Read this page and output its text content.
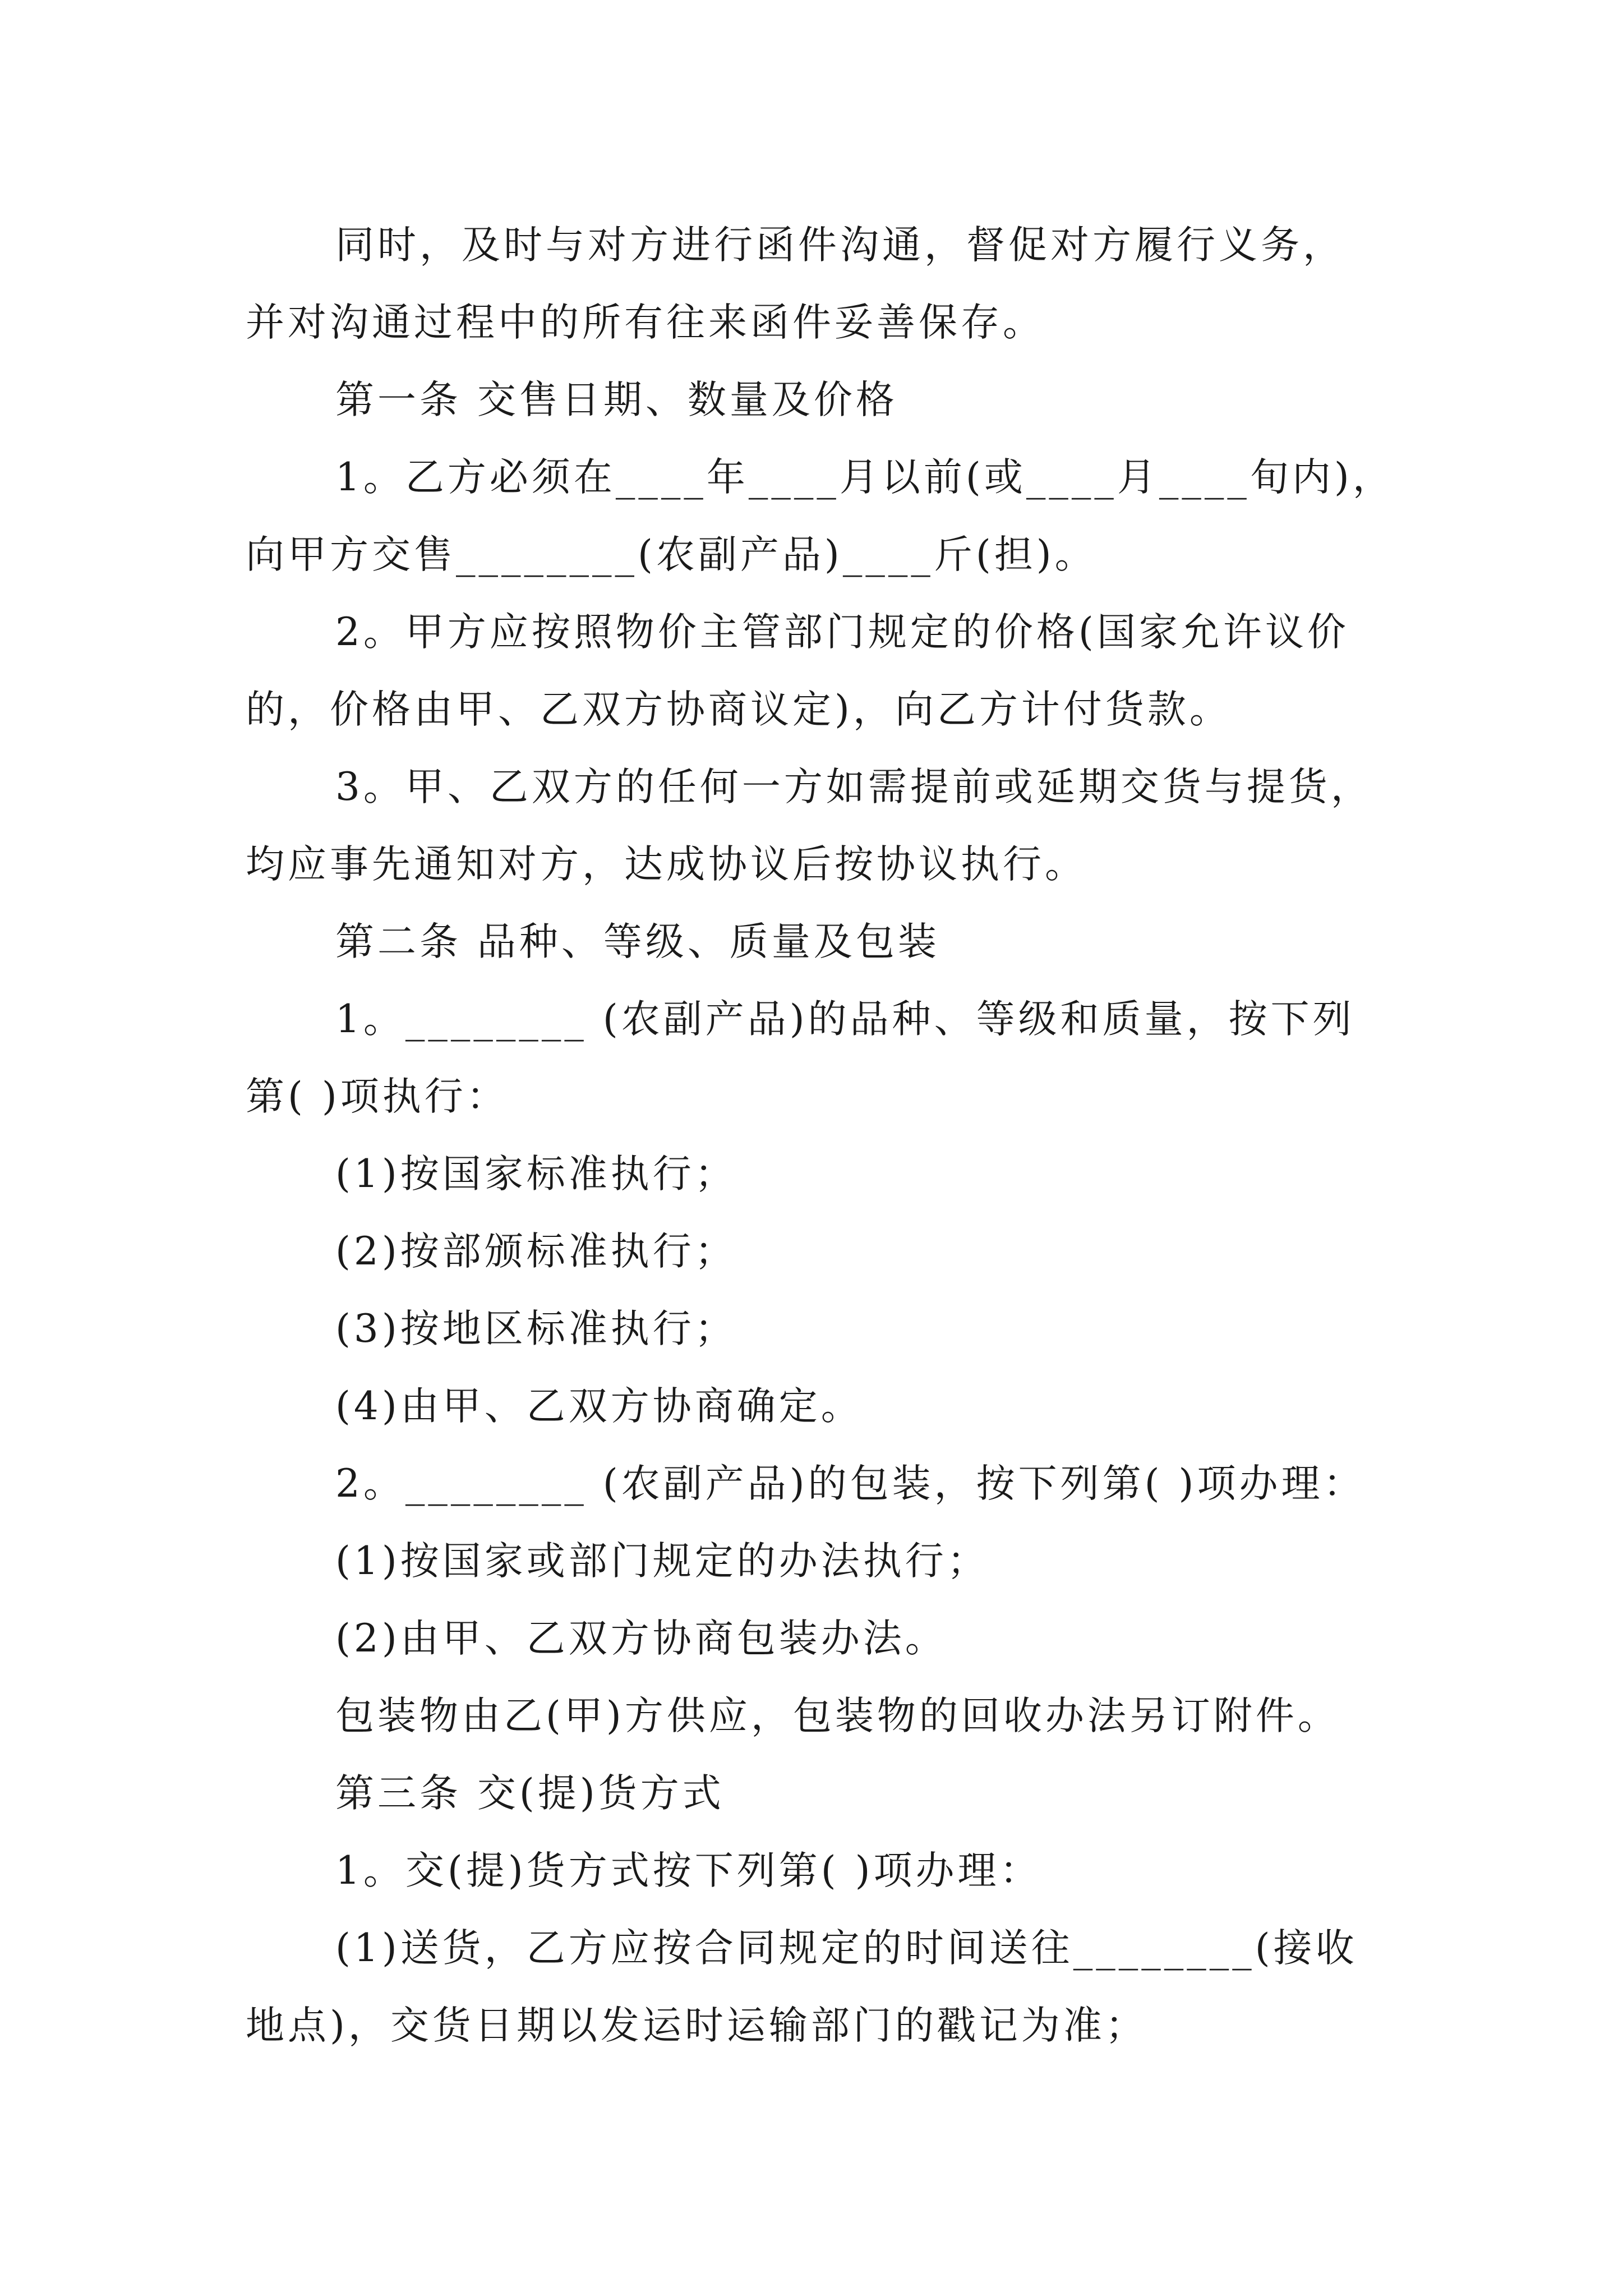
同时，及时与对方进行函件沟通，督促对方履行义务，

并对沟通过程中的所有往来函件妥善保存。

第一条 交售日期、数量及价格

1。乙方必须在____年____月以前(或____月____旬内)，

向甲方交售________(农副产品)____斤(担)。

2。甲方应按照物价主管部门规定的价格(国家允许议价

的，价格由甲、乙双方协商议定)，向乙方计付货款。

3。甲、乙双方的任何一方如需提前或延期交货与提货，

均应事先通知对方，达成协议后按协议执行。

第二条 品种、等级、质量及包装

1。________ (农副产品)的品种、等级和质量，按下列

第( )项执行：

(1)按国家标准执行；

(2)按部颁标准执行；

(3)按地区标准执行；

(4)由甲、乙双方协商确定。

2。________ (农副产品)的包装，按下列第( )项办理：

(1)按国家或部门规定的办法执行；

(2)由甲、乙双方协商包装办法。

包装物由乙(甲)方供应，包装物的回收办法另订附件。

第三条 交(提)货方式

1。交(提)货方式按下列第( )项办理：

(1)送货，乙方应按合同规定的时间送往________(接收

地点)，交货日期以发运时运输部门的戳记为准；
